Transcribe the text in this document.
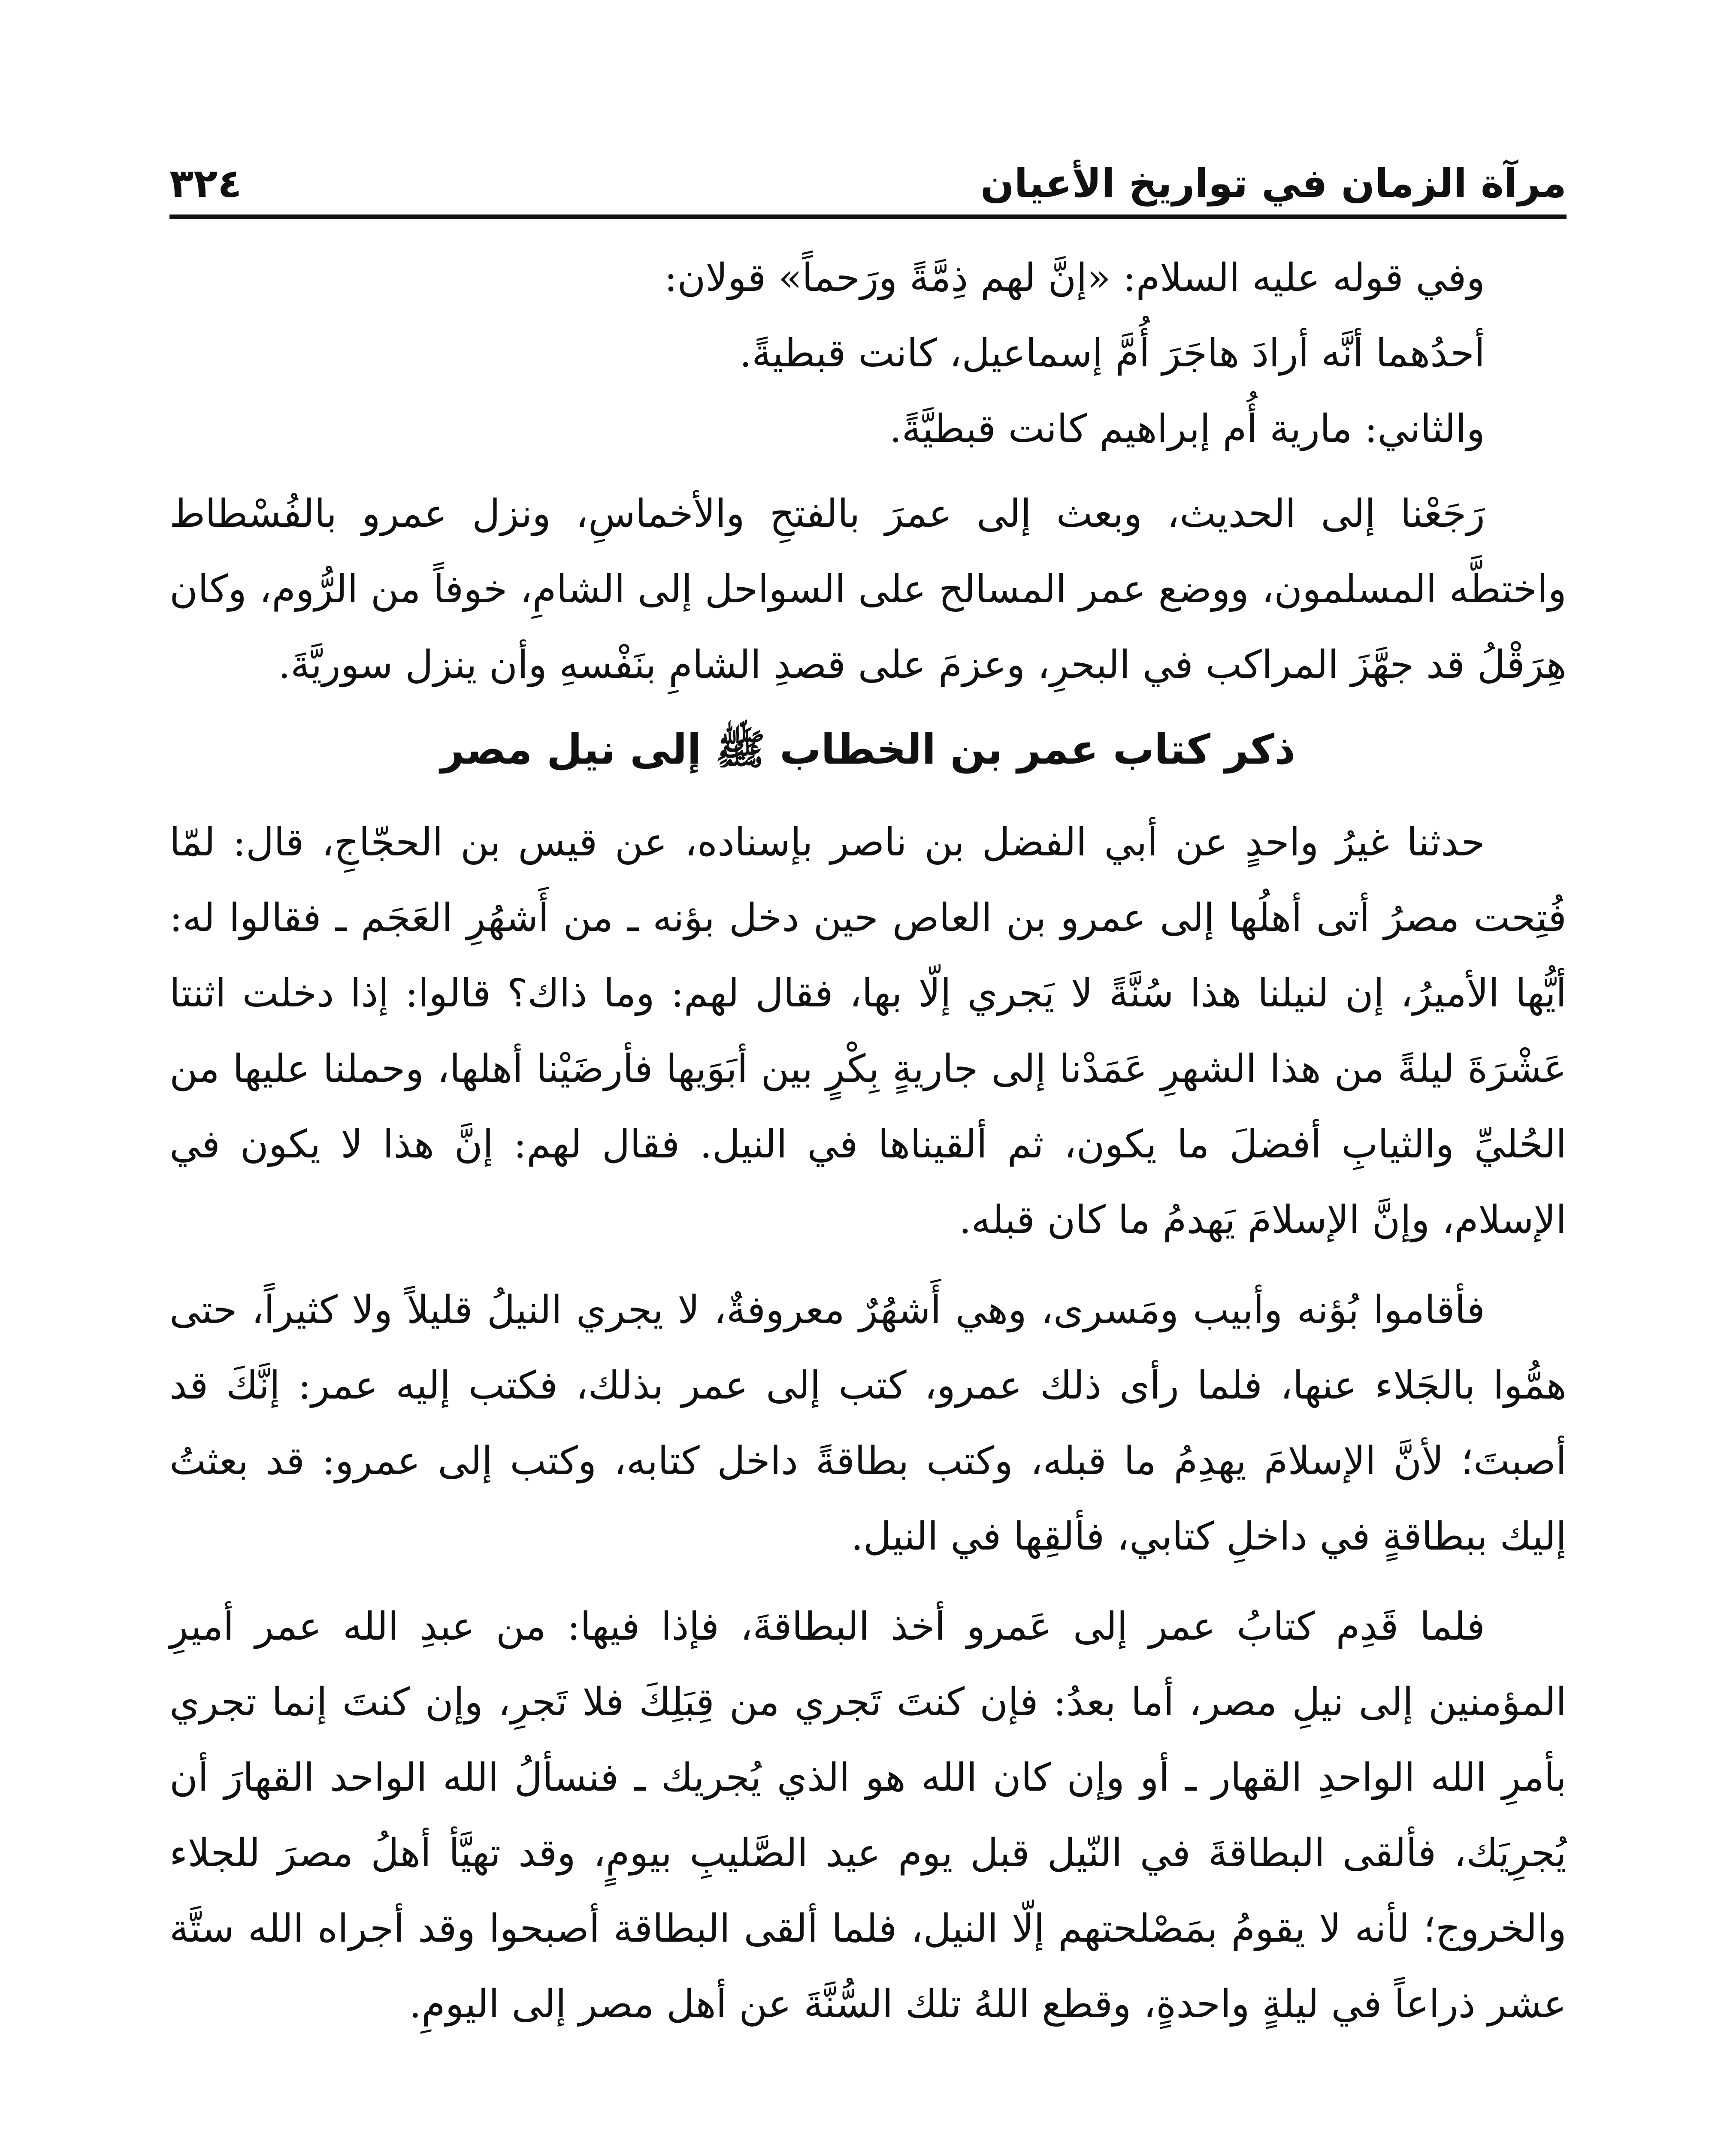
مرآة الزمان في تواريخ الأعيان
٣٢٤

وفي قوله عليه السلام: «إنَّ لهم ذِمَّةً ورَحماً» قولان:

أحدُهما أنَّه أرادَ هاجَرَ أُمَّ إسماعيل، كانت قبطيةً.

والثاني: مارية أُم إبراهيم كانت قبطيَّةً.

رَجَعْنا إلى الحديث، وبعث إلى عمرَ بالفتحِ والأخماسِ، ونزل عمرو بالفُسْطاط واختطَّه المسلمون، ووضع عمر المسالح على السواحل إلى الشامِ، خوفاً من الرُّوم، وكان هِرَقْلُ قد جهَّزَ المراكب في البحرِ، وعزمَ على قصدِ الشامِ بنَفْسهِ وأن ينزل سوريَّةَ.

ذكر كتاب عمر بن الخطاب ﷺ إلى نيل مصر

حدثنا غيرُ واحدٍ عن أبي الفضل بن ناصر بإسناده، عن قيس بن الحجّاجِ، قال: لمّا فُتِحت مصرُ أتى أهلُها إلى عمرو بن العاص حين دخل بؤنه ـ من أَشهُرِ العَجَم ـ فقالوا له: أيُّها الأميرُ، إن لنيلنا هذا سُنَّةً لا يَجري إلّا بها، فقال لهم: وما ذاك؟ قالوا: إذا دخلت اثنتا عَشْرَةَ ليلةً من هذا الشهرِ عَمَدْنا إلى جاريةٍ بِكْرٍ بين أبَوَيها فأرضَيْنا أهلها، وحملنا عليها من الحُليِّ والثيابِ أفضلَ ما يكون، ثم ألقيناها في النيل. فقال لهم: إنَّ هذا لا يكون في الإسلام، وإنَّ الإسلامَ يَهدمُ ما كان قبله.

فأقاموا بُؤنه وأبيب ومَسرى، وهي أَشهُرٌ معروفةٌ، لا يجري النيلُ قليلاً ولا كثيراً، حتى همُّوا بالجَلاء عنها، فلما رأى ذلك عمرو، كتب إلى عمر بذلك، فكتب إليه عمر: إنَّكَ قد أصبتَ؛ لأنَّ الإسلامَ يهدِمُ ما قبله، وكتب بطاقةً داخل كتابه، وكتب إلى عمرو: قد بعثتُ إليك ببطاقةٍ في داخلِ كتابي، فألقِها في النيل.

فلما قَدِم كتابُ عمر إلى عَمرو أخذ البطاقةَ، فإذا فيها: من عبدِ الله عمر أميرِ المؤمنين إلى نيلِ مصر، أما بعدُ: فإن كنتَ تَجري من قِبَلِكَ فلا تَجرِ، وإن كنتَ إنما تجري بأمرِ الله الواحدِ القهار ـ أو وإن كان الله هو الذي يُجريك ـ فنسألُ الله الواحد القهارَ أن يُجرِيَك، فألقى البطاقةَ في النّيل قبل يوم عيد الصَّليبِ بيومٍ، وقد تهيَّأ أهلُ مصرَ للجلاء والخروج؛ لأنه لا يقومُ بمَصْلحتهم إلّا النيل، فلما ألقى البطاقة أصبحوا وقد أجراه الله ستَّة عشر ذراعاً في ليلةٍ واحدةٍ، وقطع اللهُ تلك السُّنَّةَ عن أهل مصر إلى اليومِ.
